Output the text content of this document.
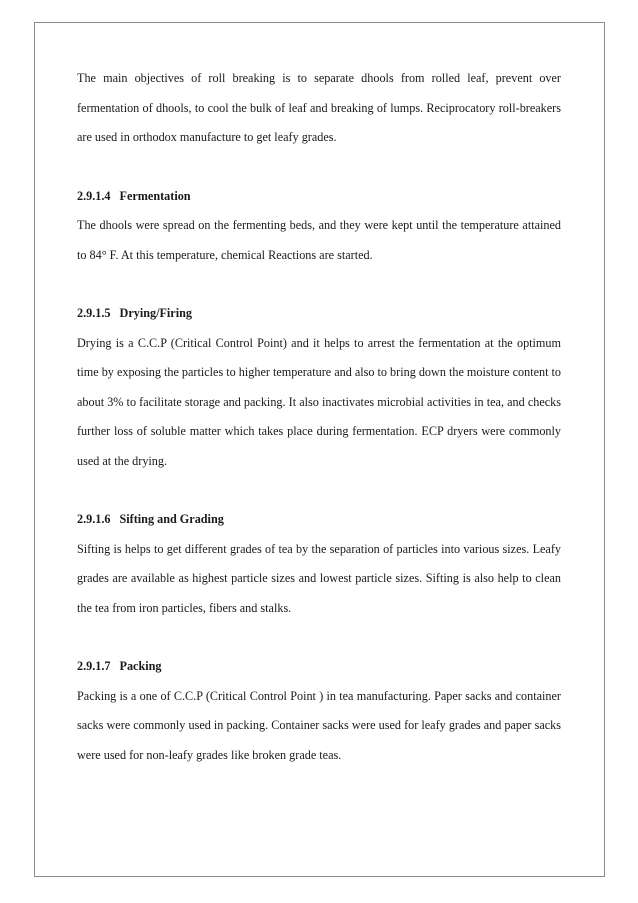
The main objectives of roll breaking is to separate dhools from rolled leaf, prevent over fermentation of dhools, to cool the bulk of leaf and breaking of lumps. Reciprocatory roll-breakers are used in orthodox manufacture to get leafy grades.

2.9.1.4 Fermentation

The dhools were spread on the fermenting beds, and they were kept until the temperature attained to 84° F. At this temperature, chemical Reactions are started.

2.9.1.5 Drying/Firing

Drying is a C.C.P (Critical Control Point) and it helps to arrest the fermentation at the optimum time by exposing the particles to higher temperature and also to bring down the moisture content to about 3% to facilitate storage and packing. It also inactivates microbial activities in tea, and checks further loss of soluble matter which takes place during fermentation. ECP dryers were commonly used at the drying.

2.9.1.6 Sifting and Grading

Sifting is helps to get different grades of tea by the separation of particles into various sizes. Leafy grades are available as highest particle sizes and lowest particle sizes. Sifting is also help to clean the tea from iron particles, fibers and stalks.

2.9.1.7 Packing

Packing is a one of C.C.P (Critical Control Point ) in tea manufacturing. Paper sacks and container sacks were commonly used in packing. Container sacks were used for leafy grades and paper sacks were used for non-leafy grades like broken grade teas.
